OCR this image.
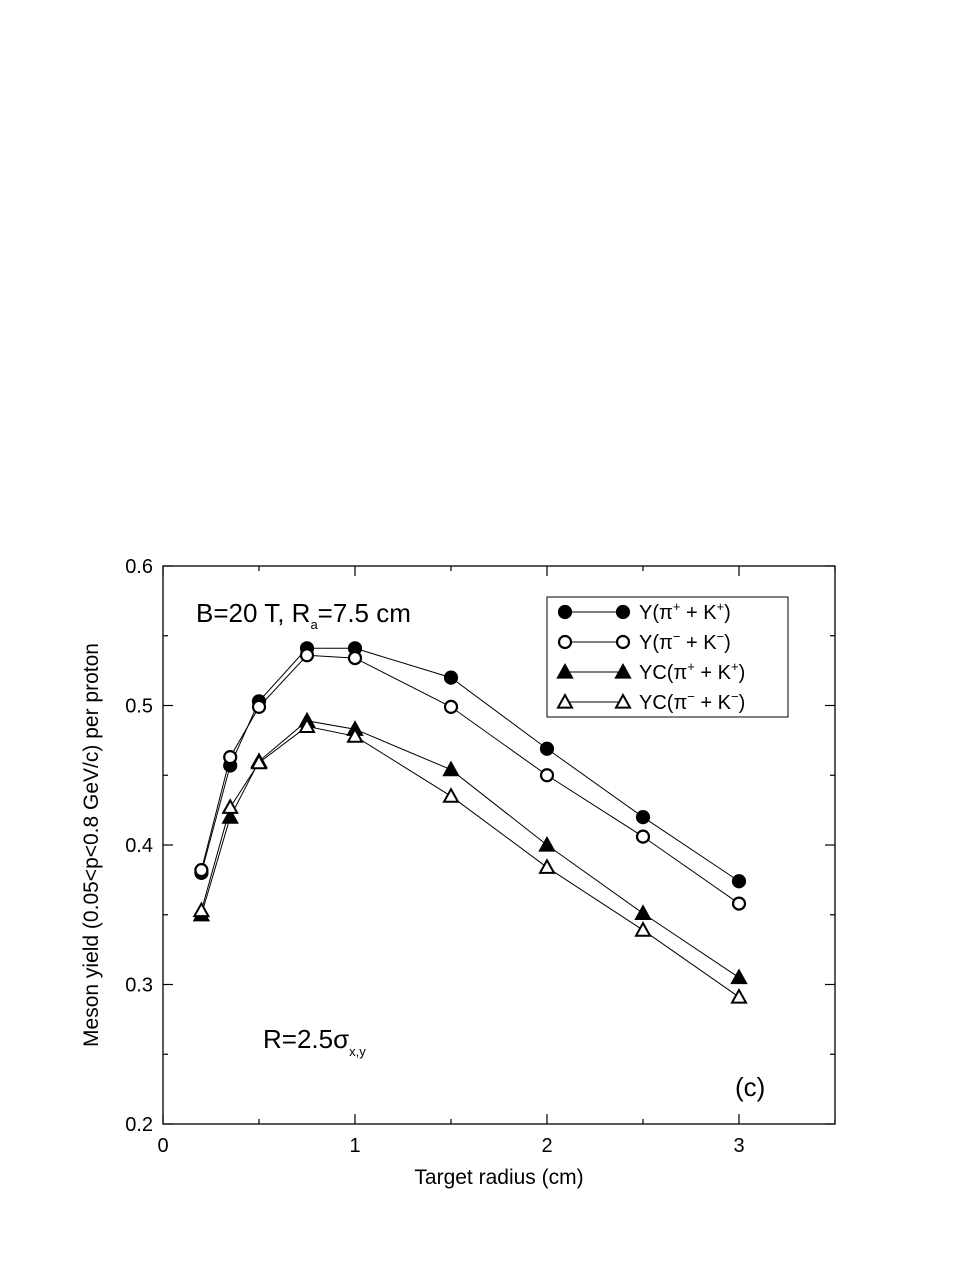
0	1	2	3
0.2
0.3
0.4
0.5
0.6
Target radius (cm)
Meson yield (0.05<p<0.8 GeV/c) per proton
Y(π+ + K+)
Y(π− + K−)
YC(π+ + K+)
YC(π− + K−)
B=20 T, $R_a=7.5$ cm
$R=2.5\sigma_{x,y}$
(c)
